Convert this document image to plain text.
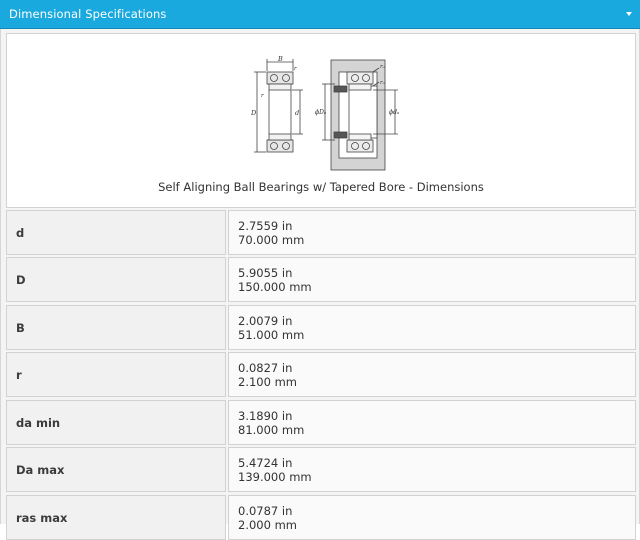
Dimensional Specifications
B
D	d
r
r
ϕDₐ	ϕdₐ
rₐ
rₐ
Self Aligning Ball Bearings w/ Tapered Bore - Dimensions
d	2.7559 in
70.000 mm
D	5.9055 in
150.000 mm
B	2.0079 in
51.000 mm
r	0.0827 in
2.100 mm
da min	3.1890 in
81.000 mm
Da max	5.4724 in
139.000 mm
ras max	0.0787 in
2.000 mm
